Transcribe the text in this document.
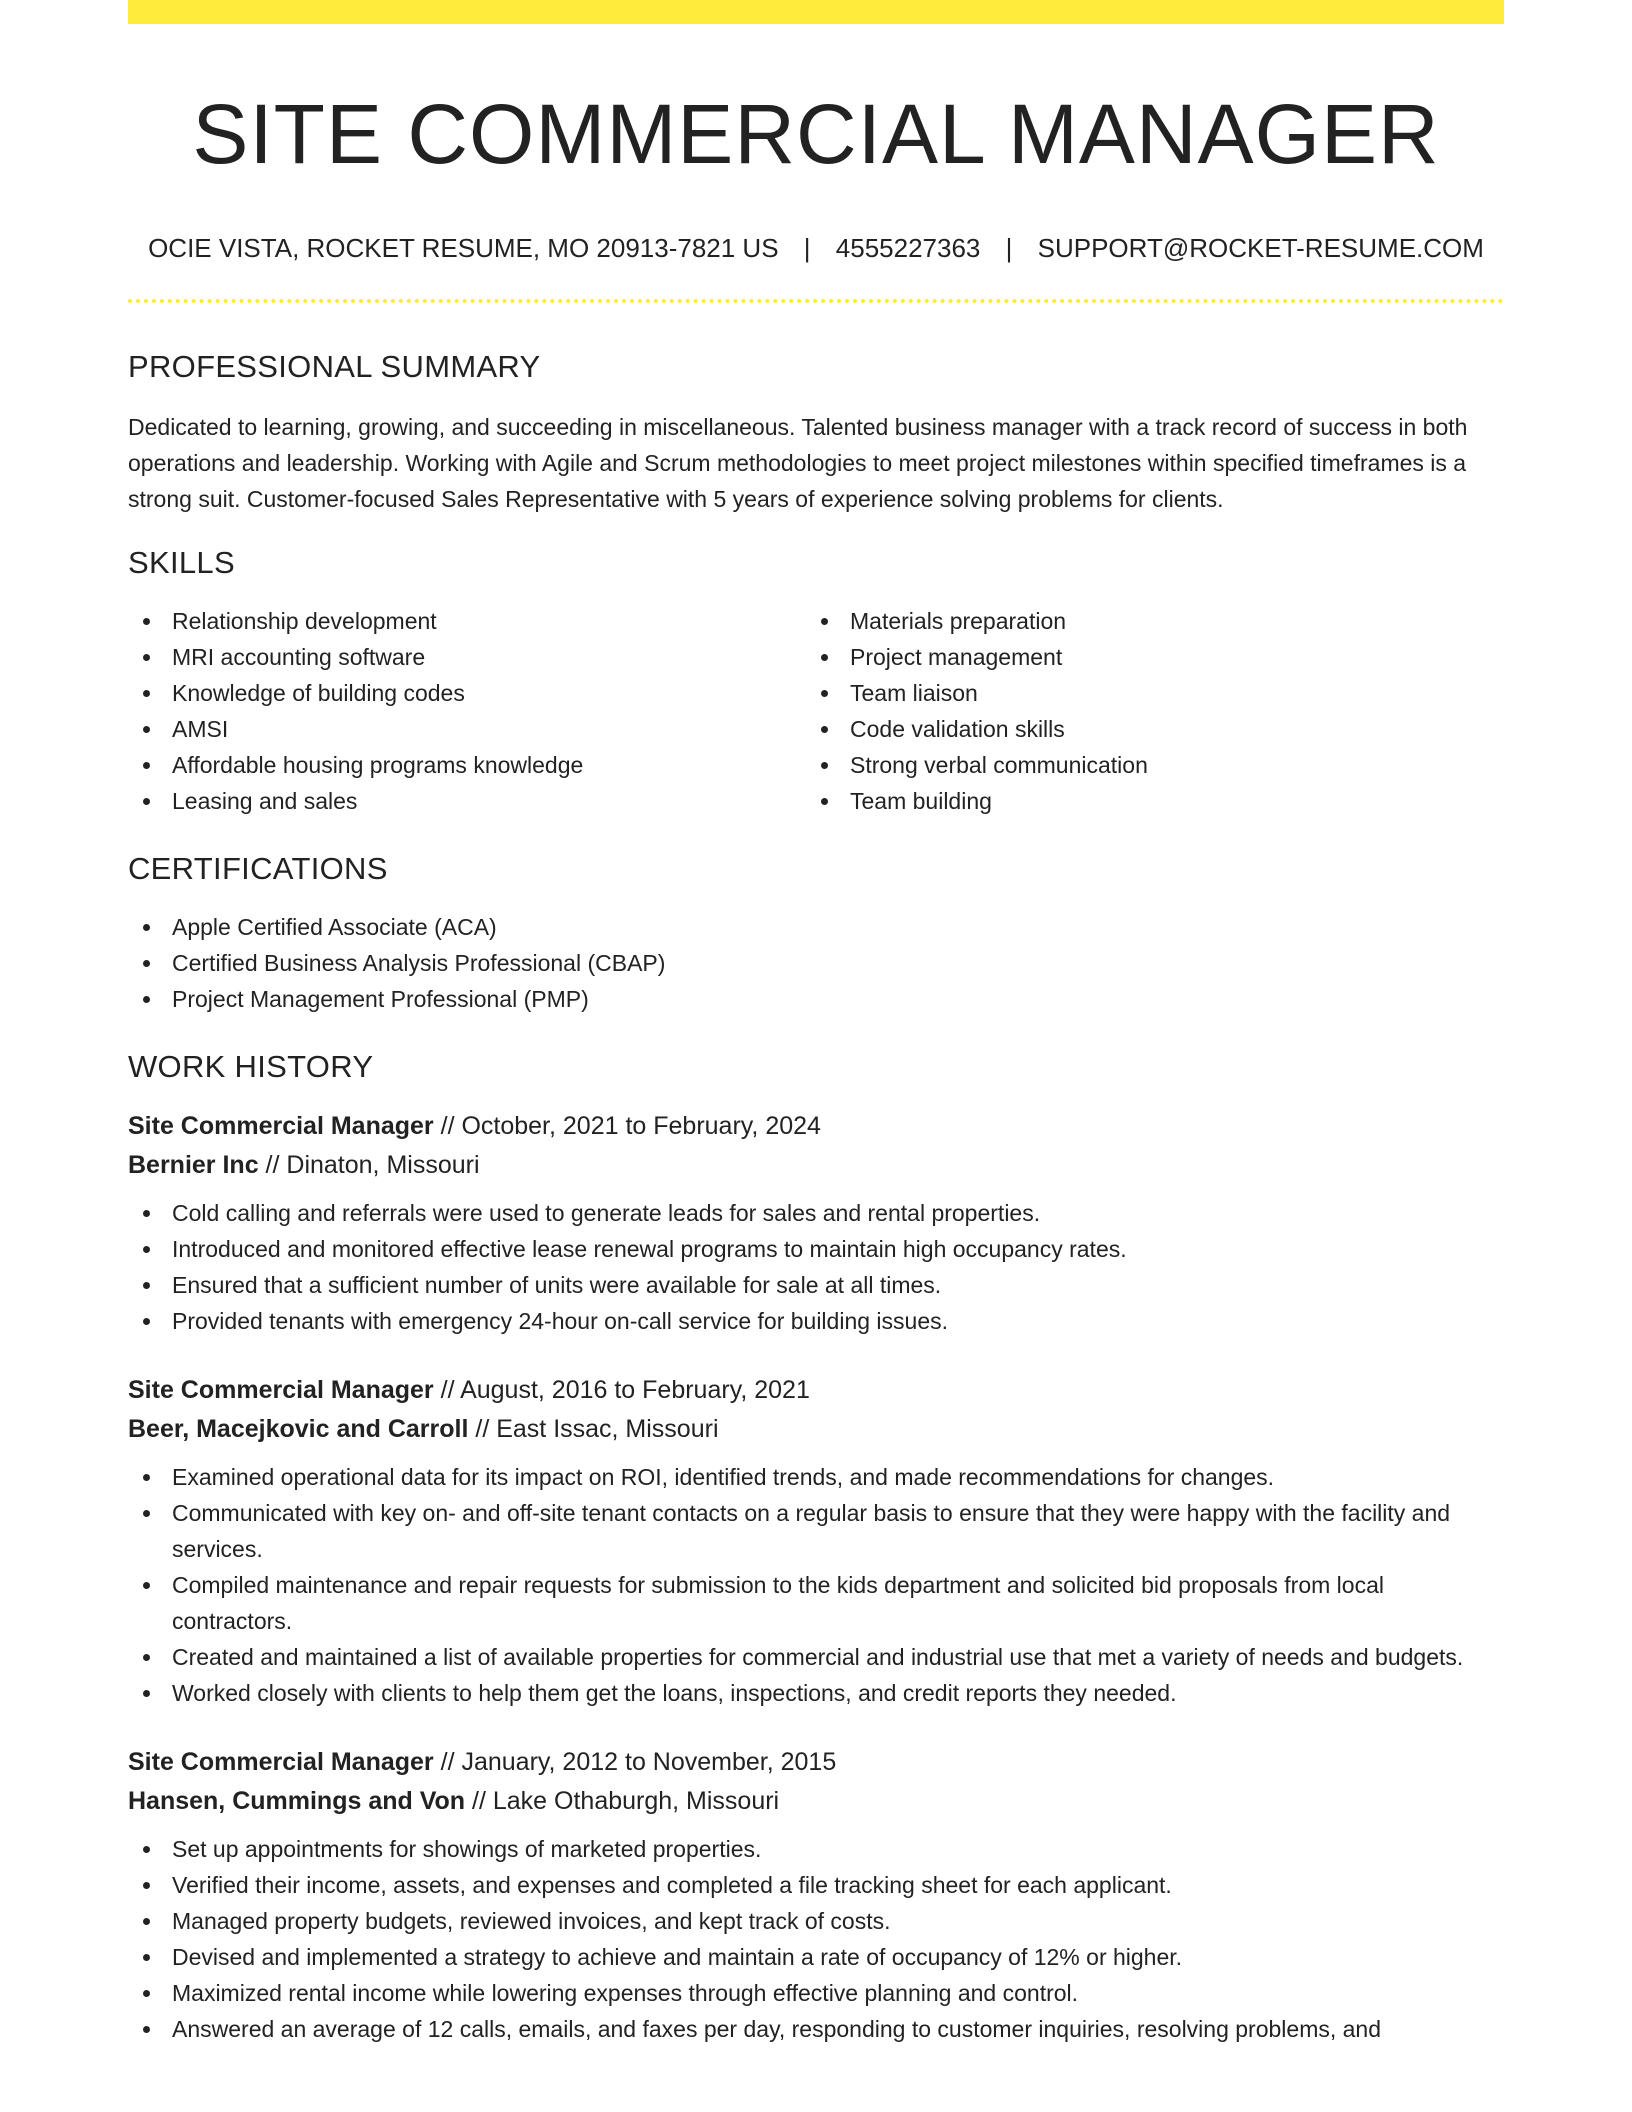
SITE COMMERCIAL MANAGER
OCIE VISTA, ROCKET RESUME, MO 20913-7821 US | 4555227363 | SUPPORT@ROCKET-RESUME.COM
PROFESSIONAL SUMMARY

Dedicated to learning, growing, and succeeding in miscellaneous. Talented business manager with a track record of success in both operations and leadership. Working with Agile and Scrum methodologies to meet project milestones within specified timeframes is a strong suit. Customer-focused Sales Representative with 5 years of experience solving problems for clients.

SKILLS
Relationship development
MRI accounting software
Knowledge of building codes
AMSI
Affordable housing programs knowledge
Leasing and sales
Materials preparation
Project management
Team liaison
Code validation skills
Strong verbal communication
Team building
CERTIFICATIONS
Apple Certified Associate (ACA)
Certified Business Analysis Professional (CBAP)
Project Management Professional (PMP)
WORK HISTORY
Site Commercial Manager // October, 2021 to February, 2024
Bernier Inc // Dinaton, Missouri
Cold calling and referrals were used to generate leads for sales and rental properties.
Introduced and monitored effective lease renewal programs to maintain high occupancy rates.
Ensured that a sufficient number of units were available for sale at all times.
Provided tenants with emergency 24-hour on-call service for building issues.
Site Commercial Manager // August, 2016 to February, 2021
Beer, Macejkovic and Carroll // East Issac, Missouri
Examined operational data for its impact on ROI, identified trends, and made recommendations for changes.
Communicated with key on- and off-site tenant contacts on a regular basis to ensure that they were happy with the facility and services.
Compiled maintenance and repair requests for submission to the kids department and solicited bid proposals from local contractors.
Created and maintained a list of available properties for commercial and industrial use that met a variety of needs and budgets.
Worked closely with clients to help them get the loans, inspections, and credit reports they needed.
Site Commercial Manager // January, 2012 to November, 2015
Hansen, Cummings and Von // Lake Othaburgh, Missouri
Set up appointments for showings of marketed properties.
Verified their income, assets, and expenses and completed a file tracking sheet for each applicant.
Managed property budgets, reviewed invoices, and kept track of costs.
Devised and implemented a strategy to achieve and maintain a rate of occupancy of 12% or higher.
Maximized rental income while lowering expenses through effective planning and control.
Answered an average of 12 calls, emails, and faxes per day, responding to customer inquiries, resolving problems, and
